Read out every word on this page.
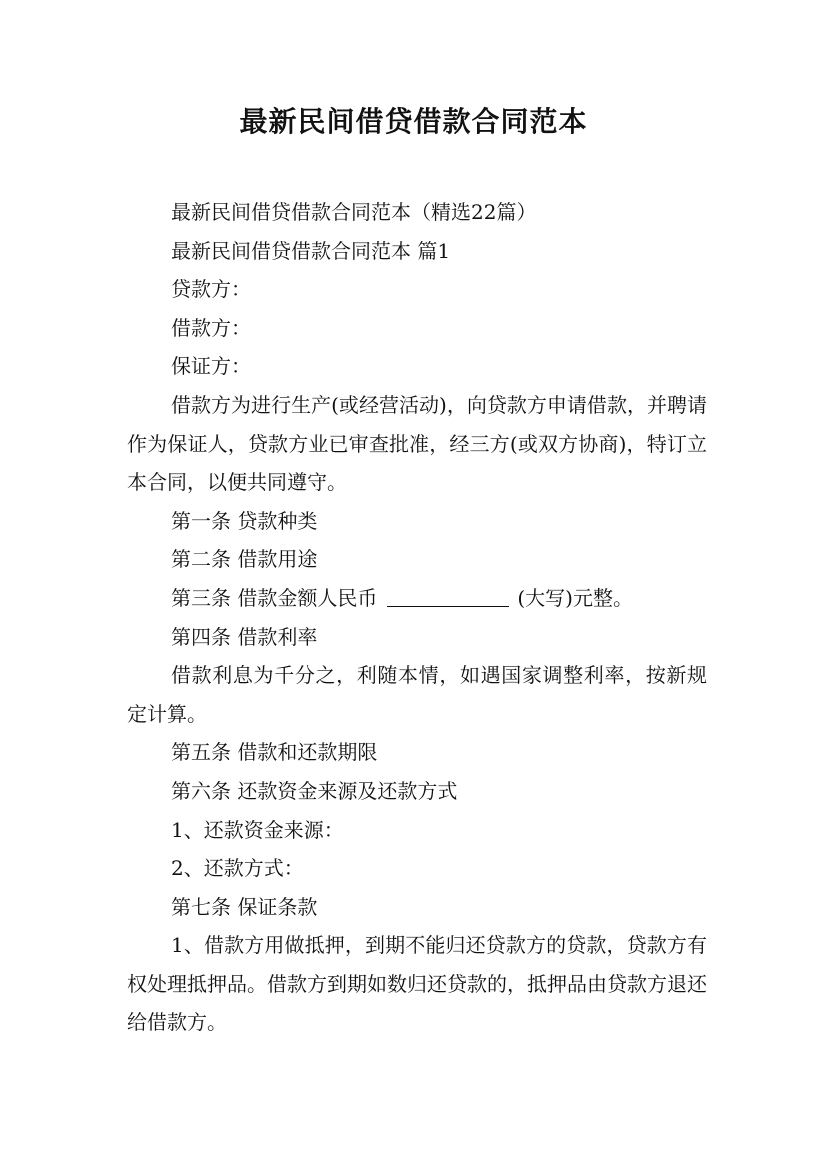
最新民间借贷借款合同范本

最新民间借贷借款合同范本（精选22篇）

最新民间借贷借款合同范本 篇1

贷款方：

借款方：

保证方：

借款方为进行生产(或经营活动)，向贷款方申请借款，并聘请作为保证人，贷款方业已审查批准，经三方(或双方协商)，特订立本合同，以便共同遵守。

第一条 贷款种类

第二条 借款用途

第三条 借款金额人民币	(大写)元整。

第四条 借款利率

借款利息为千分之，利随本情，如遇国家调整利率，按新规定计算。

第五条 借款和还款期限

第六条 还款资金来源及还款方式

1、还款资金来源：

2、还款方式：

第七条 保证条款

1、借款方用做抵押，到期不能归还贷款方的贷款，贷款方有权处理抵押品。借款方到期如数归还贷款的，抵押品由贷款方退还给借款方。
